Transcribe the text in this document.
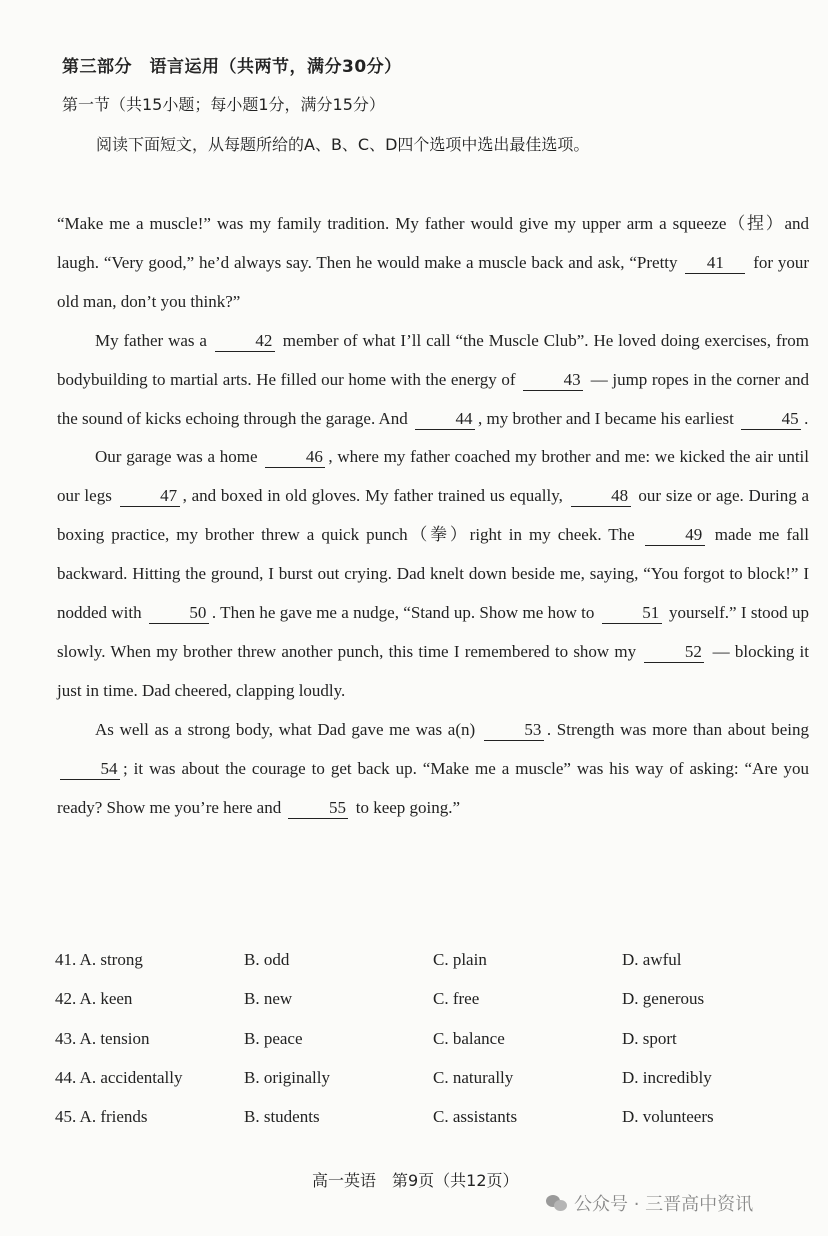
第三部分　语言运用（共两节，满分30分）
第一节（共15小题；每小题1分，满分15分）
阅读下面短文，从每题所给的A、B、C、D四个选项中选出最佳选项。

“Make me a muscle!” was my family tradition. My father would give my upper arm a squeeze（捏）and laugh. “Very good,” he’d always say. Then he would make a muscle back and ask, “Pretty 41 for your old man, don’t you think?”

My father was a	42 member of what I’ll call “the Muscle Club”. He loved doing exercises, from bodybuilding to martial arts. He filled our home with the energy of	43 — jump ropes in the corner and the sound of kicks echoing through the garage. And	44 , my brother and I became his earliest	45 .

Our garage was a home	46 , where my father coached my brother and me: we kicked the air until our legs	47 , and boxed in old gloves. My father trained us equally,	48 our size or age. During a boxing practice, my brother threw a quick punch（拳）right in my cheek. The	49 made me fall backward. Hitting the ground, I burst out crying. Dad knelt down beside me, saying, “You forgot to block!” I nodded with	50 . Then he gave me a nudge, “Stand up. Show me how to	51 yourself.” I stood up slowly. When my brother threw another punch, this time I remembered to show my	52 — blocking it just in time. Dad cheered, clapping loudly.

As well as a strong body, what Dad gave me was a(n)	53 . Strength was more than about being 54 ; it was about the courage to get back up. “Make me a muscle” was his way of asking: “Are you ready? Show me you’re here and	55 to keep going.”

41. A. strong	B. odd	C. plain	D. awful
42. A. keen	B. new	C. free	D. generous
43. A. tension	B. peace	C. balance	D. sport
44. A. accidentally	B. originally	C. naturally	D. incredibly
45. A. friends	B. students	C. assistants	D. volunteers
高一英语　第9页（共12页）
公众号 · 三晋高中资讯
